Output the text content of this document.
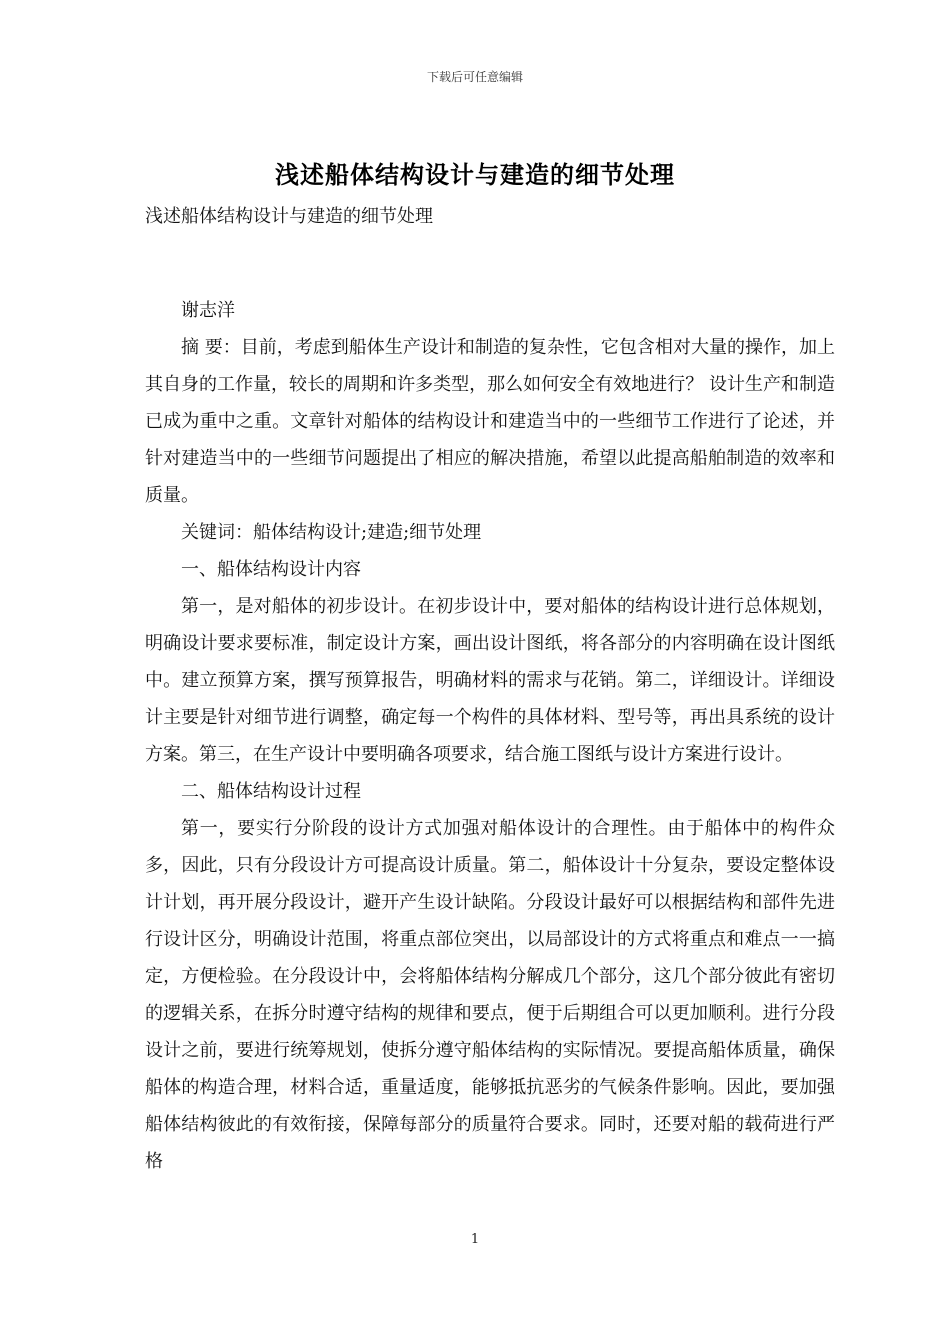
下载后可任意编辑
浅述船体结构设计与建造的细节处理

浅述船体结构设计与建造的细节处理

谢志洋

摘 要：目前，考虑到船体生产设计和制造的复杂性，它包含相对大量的操作，加上其自身的工作量，较长的周期和许多类型，那么如何安全有效地进行？ 设计生产和制造已成为重中之重。文章针对船体的结构设计和建造当中的一些细节工作进行了论述，并针对建造当中的一些细节问题提出了相应的解决措施，希望以此提高船舶制造的效率和质量。

关键词：船体结构设计;建造;细节处理

一、船体结构设计内容

第一，是对船体的初步设计。在初步设计中，要对船体的结构设计进行总体规划，明确设计要求要标准，制定设计方案，画出设计图纸，将各部分的内容明确在设计图纸中。建立预算方案，撰写预算报告，明确材料的需求与花销。第二，详细设计。详细设计主要是针对细节进行调整，确定每一个构件的具体材料、型号等，再出具系统的设计方案。第三，在生产设计中要明确各项要求，结合施工图纸与设计方案进行设计。

二、船体结构设计过程

第一，要实行分阶段的设计方式加强对船体设计的合理性。由于船体中的构件众多，因此，只有分段设计方可提高设计质量。第二，船体设计十分复杂，要设定整体设计计划，再开展分段设计，避开产生设计缺陷。分段设计最好可以根据结构和部件先进行设计区分，明确设计范围，将重点部位突出，以局部设计的方式将重点和难点一一搞定，方便检验。在分段设计中，会将船体结构分解成几个部分，这几个部分彼此有密切的逻辑关系，在拆分时遵守结构的规律和要点，便于后期组合可以更加顺利。进行分段设计之前，要进行统筹规划，使拆分遵守船体结构的实际情况。要提高船体质量，确保船体的构造合理，材料合适，重量适度，能够抵抗恶劣的气候条件影响。因此，要加强船体结构彼此的有效衔接，保障每部分的质量符合要求。同时，还要对船的载荷进行严格

1
